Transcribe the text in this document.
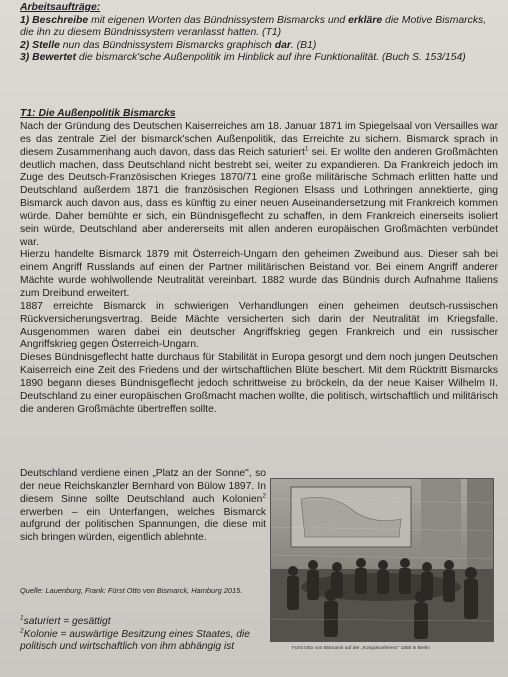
Arbeitsaufträge:

1) Beschreibe mit eigenen Worten das Bündnissystem Bismarcks und erkläre die Motive Bismarcks, die ihn zu diesem Bündnissystem veranlasst hatten. (T1)

2) Stelle nun das Bündnissystem Bismarcks graphisch dar. (B1)

3) Bewertet die bismarck'sche Außenpolitik im Hinblick auf ihre Funktionalität. (Buch S. 153/154)

T1: Die Außenpolitik Bismarcks

Nach der Gründung des Deutschen Kaiserreiches am 18. Januar 1871 im Spiegelsaal von Versailles war es das zentrale Ziel der bismarck'schen Außenpolitik, das Erreichte zu sichern. Bismarck sprach in diesem Zusammenhang auch davon, dass das Reich saturiert$^1$ sei. Er wollte den anderen Großmächten deutlich machen, dass Deutschland nicht bestrebt sei, weiter zu expandieren. Da Frankreich jedoch im Zuge des Deutsch-Französischen Krieges 1870/71 eine große militärische Schmach erlitten hatte und Deutschland außerdem 1871 die französischen Regionen Elsass und Lothringen annektierte, ging Bismarck auch davon aus, dass es künftig zu einer neuen Auseinandersetzung mit Frankreich kommen würde. Daher bemühte er sich, ein Bündnisgeflecht zu schaffen, in dem Frankreich einerseits isoliert sein würde, Deutschland aber andererseits mit allen anderen europäischen Großmächten verbündet war.

Hierzu handelte Bismarck 1879 mit Österreich-Ungarn den geheimen Zweibund aus. Dieser sah bei einem Angriff Russlands auf einen der Partner militärischen Beistand vor. Bei einem Angriff anderer Mächte wurde wohlwollende Neutralität vereinbart. 1882 wurde das Bündnis durch Aufnahme Italiens zum Dreibund erweitert.

1887 erreichte Bismarck in schwierigen Verhandlungen einen geheimen deutsch-russischen Rückversicherungsvertrag. Beide Mächte versicherten sich darin der Neutralität im Kriegsfalle. Ausgenommen waren dabei ein deutscher Angriffskrieg gegen Frankreich und ein russischer Angriffskrieg gegen Österreich-Ungarn.

Dieses Bündnisgeflecht hatte durchaus für Stabilität in Europa gesorgt und dem noch jungen Deutschen Kaiserreich eine Zeit des Friedens und der wirtschaftlichen Blüte beschert. Mit dem Rücktritt Bismarcks 1890 begann dieses Bündnisgeflecht jedoch schrittweise zu bröckeln, da der neue Kaiser Wilhelm II. Deutschland zu einer europäischen Großmacht machen wollte, die politisch, wirtschaftlich und militärisch die anderen Großmächte übertreffen sollte.

Deutschland verdiene einen „Platz an der Sonne", so der neue Reichskanzler Bernhard von Bülow 1897. In diesem Sinne sollte Deutschland auch Kolonien$^2$ erwerben – ein Unterfangen, welches Bismarck aufgrund der politischen Spannungen, die diese mit sich bringen würden, eigentlich ablehnte.

Quelle: Lauenburg, Frank: Fürst Otto von Bismarck, Hamburg 2015.

$^1$saturiert = gesättigt

$^2$Kolonie = auswärtige Besitzung eines Staates, die politisch und wirtschaftlich von ihm abhängig ist	Fürst Otto von Bismarck auf der „Kongokonferenz" 1885 in Berlin
